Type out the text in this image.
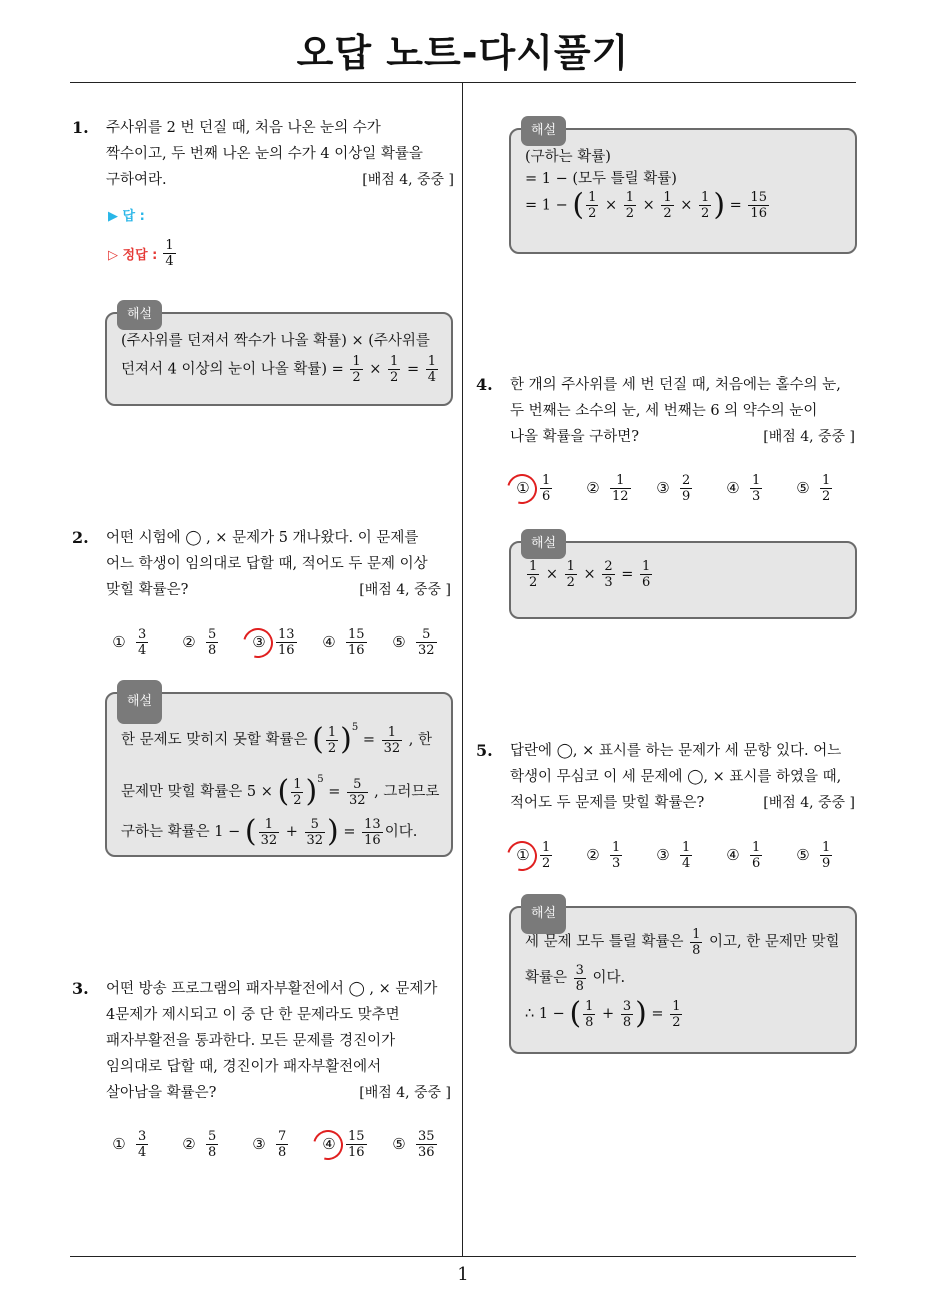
오답 노트-다시풀기
1
1. 주사위를 2 번 던질 때, 처음 나온 눈의 수가
짝수이고, 두 번째 나온 눈의 수가 4 이상일 확률을
구하여라.	[배점 4, 중중 ]
▶ 답 :
▷ 정답 : $\frac{1}{4}$
해설
(주사위를 던져서 짝수가 나올 확률) × (주사위를
던져서 4 이상의 눈이 나올 확률) = $\frac{1}{2} \times \frac{1}{2} = \frac{1}{4}$
2. 어떤 시험에 ◯ , × 문제가 5 개나왔다. 이 문제를
어느 학생이 임의대로 답할 때, 적어도 두 문제 이상
맞힐 확률은?	[배점 4, 중중 ]
① $\frac{3}{4}$ ② $\frac{5}{8}$ ③ $\frac{13}{16}$ ④ $\frac{15}{16}$ ⑤ $\frac{5}{32}$
해설
한 문제도 맞히지 못할 확률은 ( $\frac{1}{2} )^5 = \frac{1}{32}$ , 한
문제만 맞힐 확률은 5 × ( $\frac{1}{2} )^5 = \frac{5}{32}$ , 그러므로
구하는 확률은 1 − ( $\frac{1}{32} + \frac{5}{32}$ ) = $\frac{13}{16}$ 이다.
3. 어떤 방송 프로그램의 패자부활전에서 ◯ , × 문제가
4문제가 제시되고 이 중 단 한 문제라도 맞추면
패자부활전을 통과한다. 모든 문제를 경진이가
임의대로 답할 때, 경진이가 패자부활전에서
살아남을 확률은?	[배점 4, 중중 ]
① $\frac{3}{4}$ ② $\frac{5}{8}$ ③ $\frac{7}{8}$ ④ $\frac{15}{16}$ ⑤ $\frac{35}{36}$
해설
(구하는 확률)
= 1 − (모두 틀릴 확률)
= 1 − ( $\frac{1}{2} \times \frac{1}{2} \times \frac{1}{2} \times \frac{1}{2}$ ) = $\frac{15}{16}$
4. 한 개의 주사위를 세 번 던질 때, 처음에는 홀수의 눈,
두 번째는 소수의 눈, 세 번째는 6 의 약수의 눈이
나올 확률을 구하면?	[배점 4, 중중 ]
① $\frac{1}{6}$ ② $\frac{1}{12}$ ③ $\frac{2}{9}$ ④ $\frac{1}{3}$ ⑤ $\frac{1}{2}$
해설
$\frac{1}{2} \times \frac{1}{2} \times \frac{2}{3} = \frac{1}{6}$
5. 답란에 ◯, × 표시를 하는 문제가 세 문항 있다. 어느
학생이 무심코 이 세 문제에 ◯, × 표시를 하였을 때,
적어도 두 문제를 맞힐 확률은?	[배점 4, 중중 ]
① $\frac{1}{2}$ ② $\frac{1}{3}$ ③ $\frac{1}{4}$ ④ $\frac{1}{6}$ ⑤ $\frac{1}{9}$
해설
세 문제 모두 틀릴 확률은 $\frac{1}{8}$ 이고, 한 문제만 맞힐
확률은 $\frac{3}{8}$ 이다.
∴ 1 − ( $\frac{1}{8} + \frac{3}{8}$ ) = $\frac{1}{2}$
